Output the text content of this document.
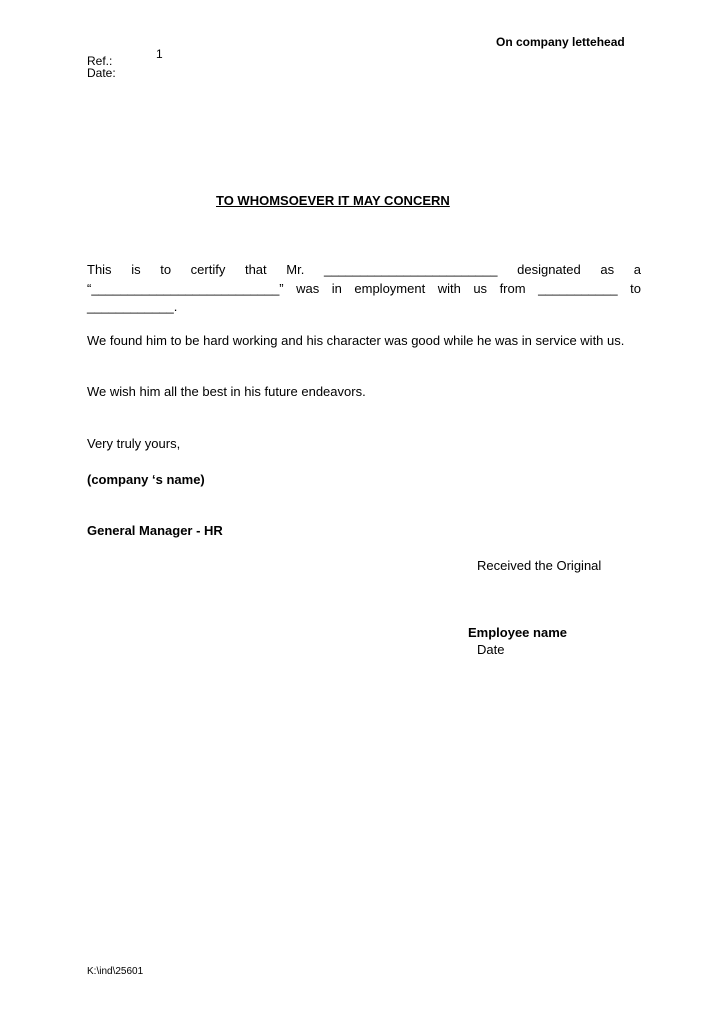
On company lettehead
Ref.:	1
Date:
TO WHOMSOEVER IT MAY CONCERN
This is to certify that Mr. ________________________ designated as a
“__________________________” was in employment with us from ___________ to
____________.
We found him to be hard working and his character was good while he was in service with us.
We wish him all the best in his future endeavors.
Very truly yours,
(company ‘s name)
General Manager - HR
Received the Original
Employee name
Date
K:\ind\25601
